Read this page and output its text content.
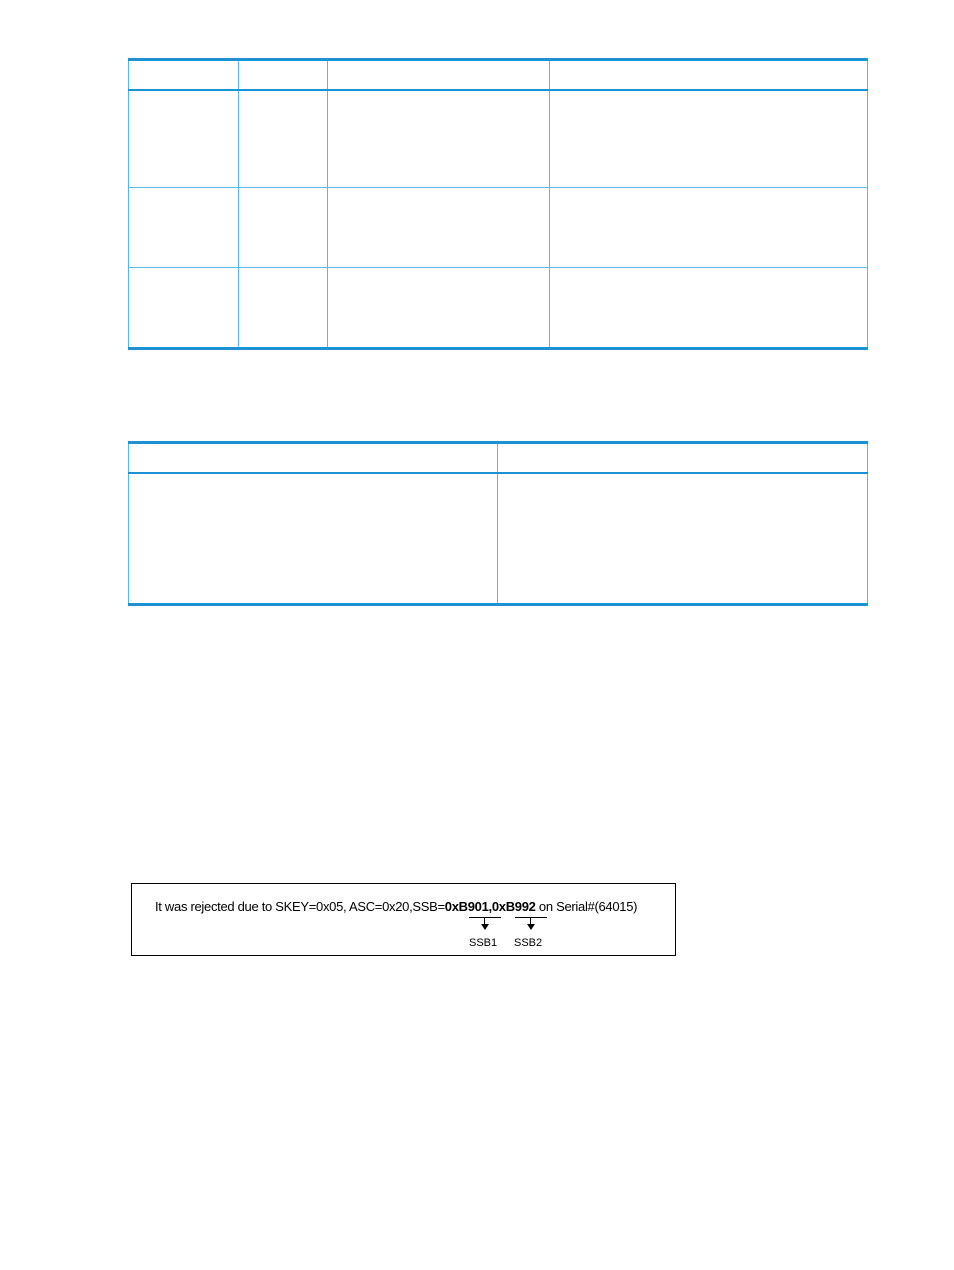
It was rejected due to SKEY=0x05, ASC=0x20,SSB=0xB901,0xB992 on Serial#(64015)
SSB1 SSB2
